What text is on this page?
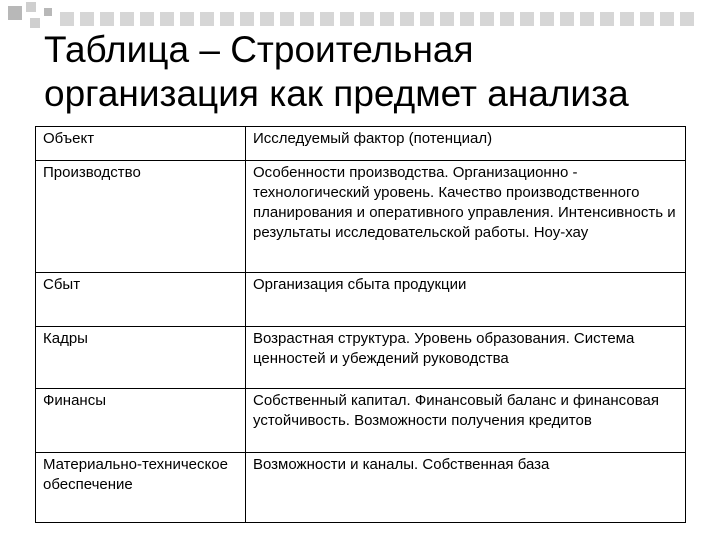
Таблица – Строительная
организация как предмет анализа
Объект	Исследуемый фактор (потенциал)
Производство	Особенности производства. Организационно - технологический уровень. Качество производственного планирования и оперативного управления. Интенсивность и результаты исследовательской работы. Ноу-хау
Сбыт	Организация сбыта продукции
Кадры	Возрастная структура. Уровень образования. Система ценностей и убеждений руководства
Финансы	Собственный капитал. Финансовый баланс и финансовая устойчивость. Возможности получения кредитов
Материально-техническое обеспечение	Возможности и каналы. Собственная база
